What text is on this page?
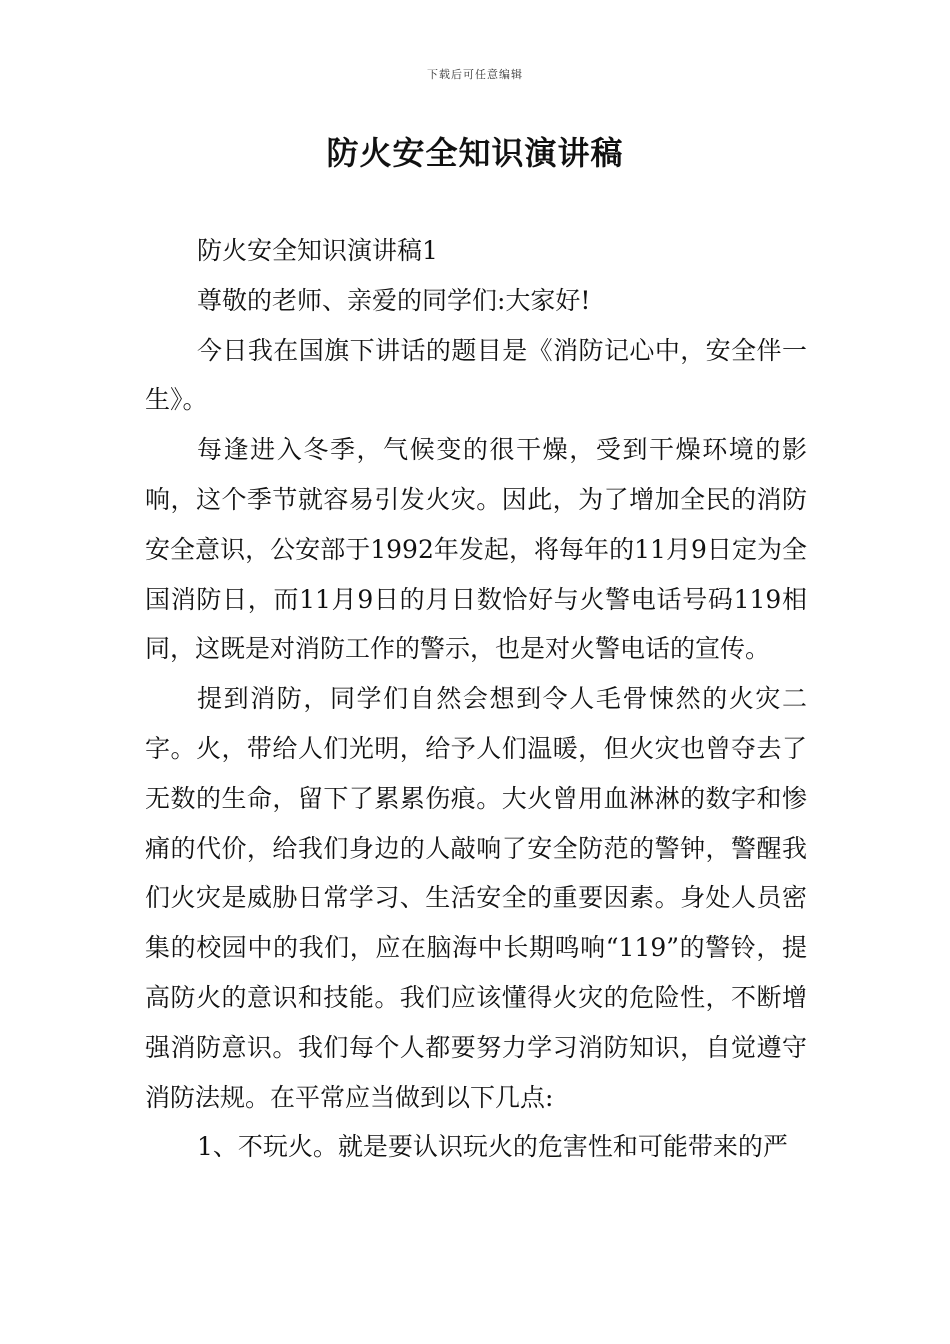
下载后可任意编辑
防火安全知识演讲稿

防火安全知识演讲稿1

尊敬的老师、亲爱的同学们:大家好!

今日我在国旗下讲话的题目是《消防记心中，安全伴一生》。

每逢进入冬季，气候变的很干燥，受到干燥环境的影响，这个季节就容易引发火灾。因此，为了增加全民的消防安全意识，公安部于1992年发起，将每年的11月9日定为全国消防日，而11月9日的月日数恰好与火警电话号码119相同，这既是对消防工作的警示，也是对火警电话的宣传。

提到消防，同学们自然会想到令人毛骨悚然的火灾二字。火，带给人们光明，给予人们温暖，但火灾也曾夺去了无数的生命，留下了累累伤痕。大火曾用血淋淋的数字和惨痛的代价，给我们身边的人敲响了安全防范的警钟，警醒我们火灾是威胁日常学习、生活安全的重要因素。身处人员密集的校园中的我们，应在脑海中长期鸣响“119”的警铃，提高防火的意识和技能。我们应该懂得火灾的危险性，不断增强消防意识。我们每个人都要努力学习消防知识，自觉遵守消防法规。在平常应当做到以下几点:

1、不玩火。就是要认识玩火的危害性和可能带来的严
